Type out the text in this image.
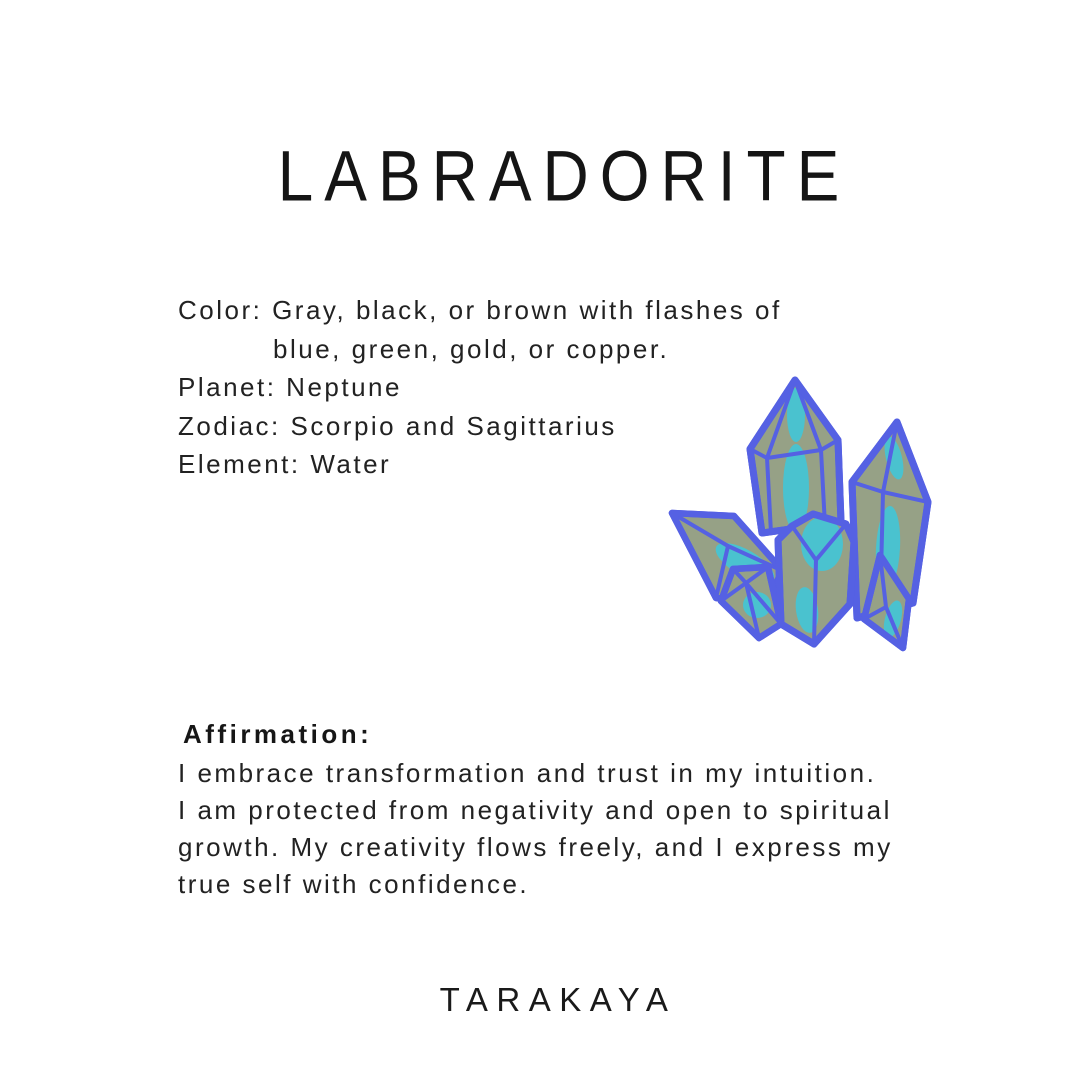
LABRADORITE
Color: Gray, black, or brown with flashes of
blue, green, gold, or copper.
Planet: Neptune
Zodiac: Scorpio and Sagittarius
Element: Water
Affirmation:
I embrace transformation and trust in my intuition.
I am protected from negativity and open to spiritual
growth. My creativity flows freely, and I express my
true self with confidence.
TARAKAYA
